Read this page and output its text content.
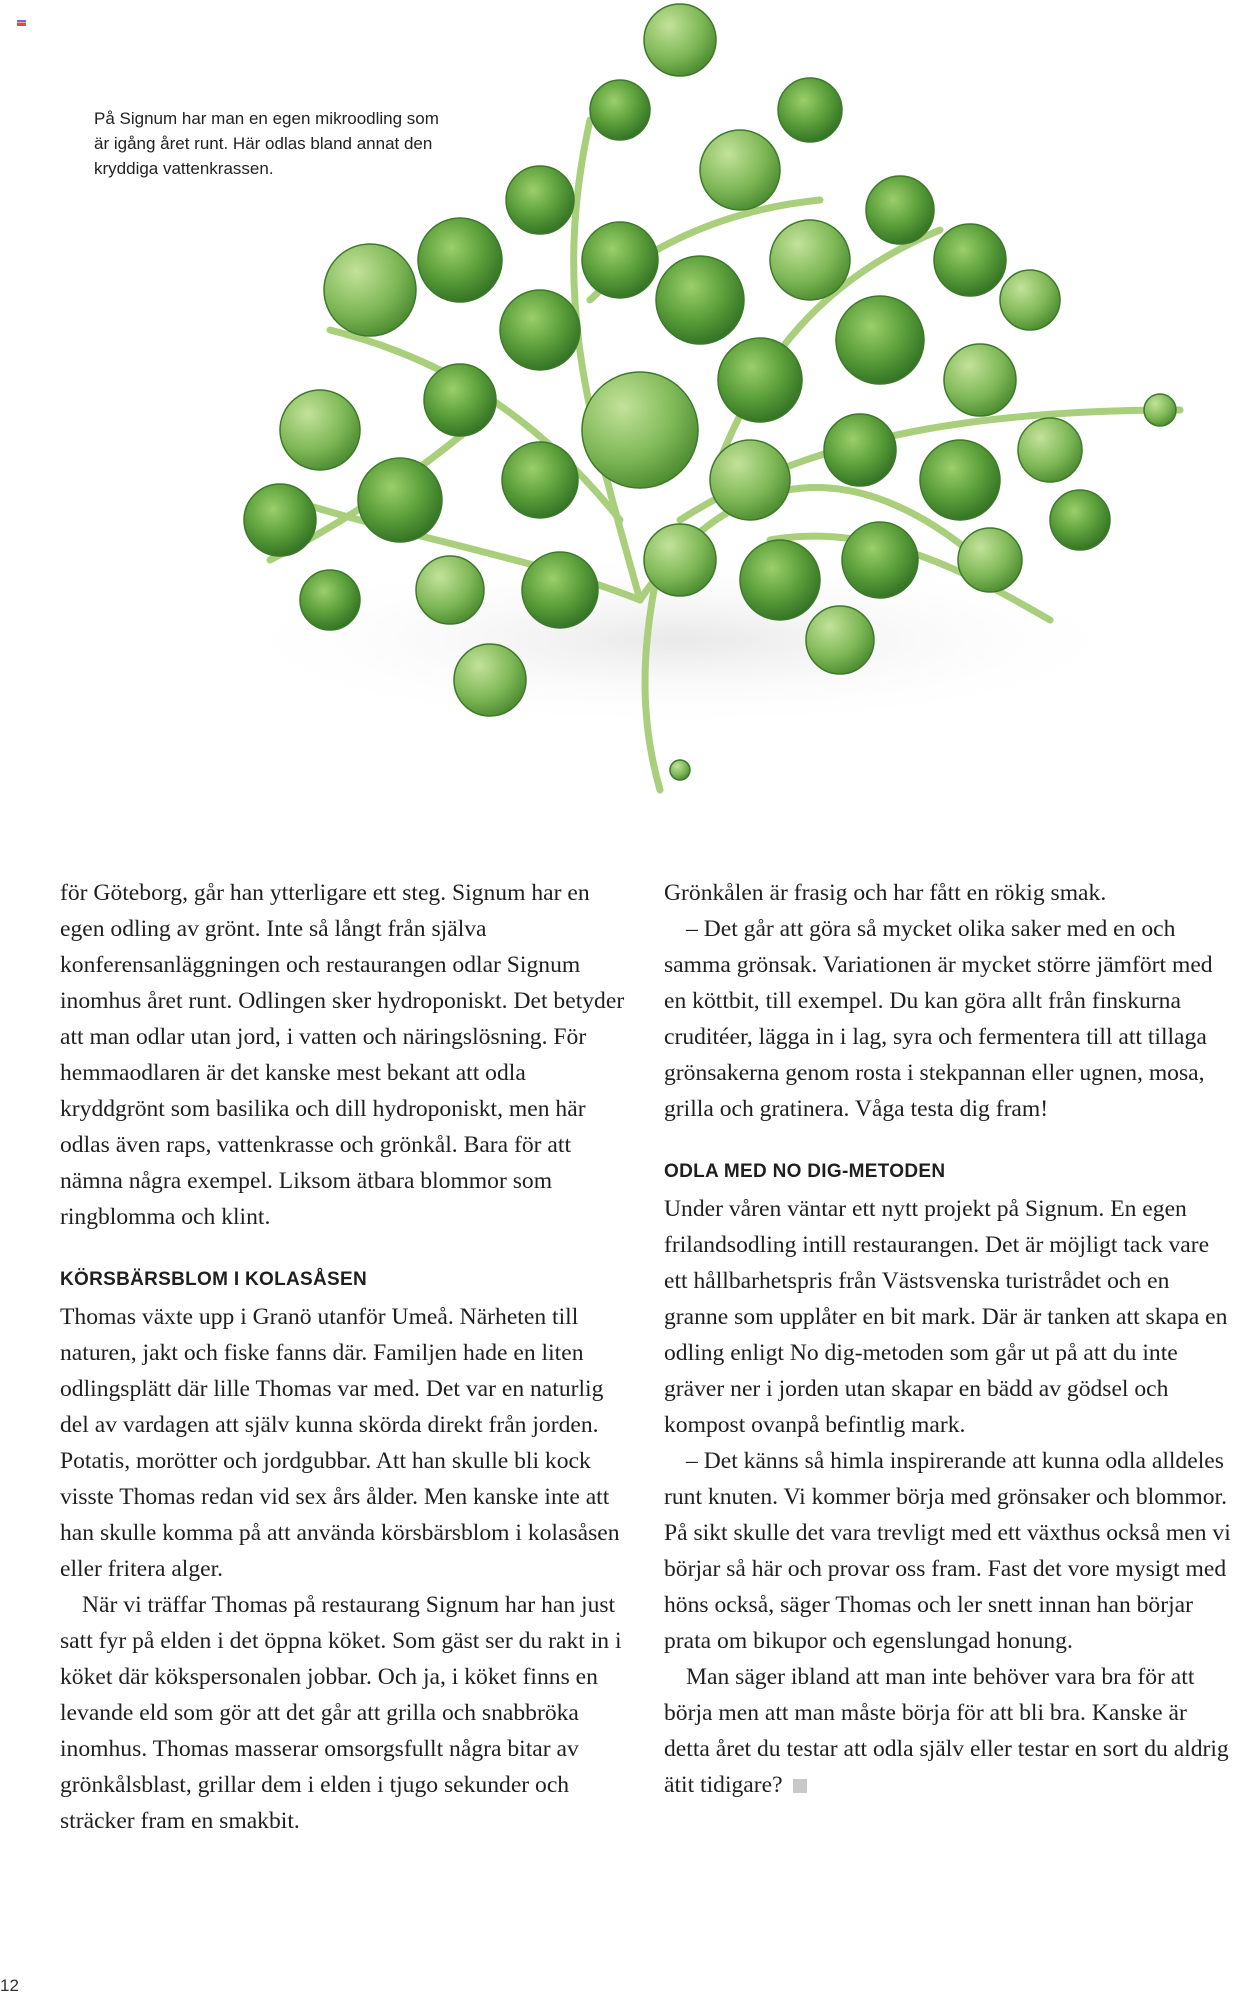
På Signum har man en egen mikroodling som är igång året runt. Här odlas bland annat den kryddiga vattenkrassen.

för Göteborg, går han ytterligare ett steg. Signum har en egen odling av grönt. Inte så långt från själva konferensanläggningen och restaurangen odlar Signum inomhus året runt. Odlingen sker hydroponiskt. Det betyder att man odlar utan jord, i vatten och näringslösning. För hemmaodlaren är det kanske mest bekant att odla kryddgrönt som basilika och dill hydroponiskt, men här odlas även raps, vattenkrasse och grönkål. Bara för att nämna några exempel. Liksom ätbara blommor som ringblomma och klint.

KÖRSBÄRSBLOM I KOLASÅSEN

Thomas växte upp i Granö utanför Umeå. Närheten till naturen, jakt och fiske fanns där. Familjen hade en liten odlingsplätt där lille Thomas var med. Det var en naturlig del av vardagen att själv kunna skörda direkt från jorden. Potatis, morötter och jordgubbar. Att han skulle bli kock visste Thomas redan vid sex års ålder. Men kanske inte att han skulle komma på att använda körsbärsblom i kolasåsen eller fritera alger.

När vi träffar Thomas på restaurang Signum har han just satt fyr på elden i det öppna köket. Som gäst ser du rakt in i köket där kökspersonalen jobbar. Och ja, i köket finns en levande eld som gör att det går att grilla och snabbröka inomhus. Thomas masserar omsorgsfullt några bitar av grönkålsblast, grillar dem i elden i tjugo sekunder och sträcker fram en smakbit.

Grönkålen är frasig och har fått en rökig smak.

– Det går att göra så mycket olika saker med en och samma grönsak. Variationen är mycket större jämfört med en köttbit, till exempel. Du kan göra allt från finskurna cruditéer, lägga in i lag, syra och fermentera till att tillaga grönsakerna genom rosta i stekpannan eller ugnen, mosa, grilla och gratinera. Våga testa dig fram!

ODLA MED NO DIG-METODEN

Under våren väntar ett nytt projekt på Signum. En egen frilandsodling intill restaurangen. Det är möjligt tack vare ett hållbarhetspris från Västsvenska turistrådet och en granne som upplåter en bit mark. Där är tanken att skapa en odling enligt No dig-metoden som går ut på att du inte gräver ner i jorden utan skapar en bädd av gödsel och kompost ovanpå befintlig mark.

– Det känns så himla inspirerande att kunna odla alldeles runt knuten. Vi kommer börja med grönsaker och blommor. På sikt skulle det vara trevligt med ett växthus också men vi börjar så här och provar oss fram. Fast det vore mysigt med höns också, säger Thomas och ler snett innan han börjar prata om bikupor och egenslungad honung.

Man säger ibland att man inte behöver vara bra för att börja men att man måste börja för att bli bra. Kanske är detta året du testar att odla själv eller testar en sort du aldrig ätit tidigare?

12
